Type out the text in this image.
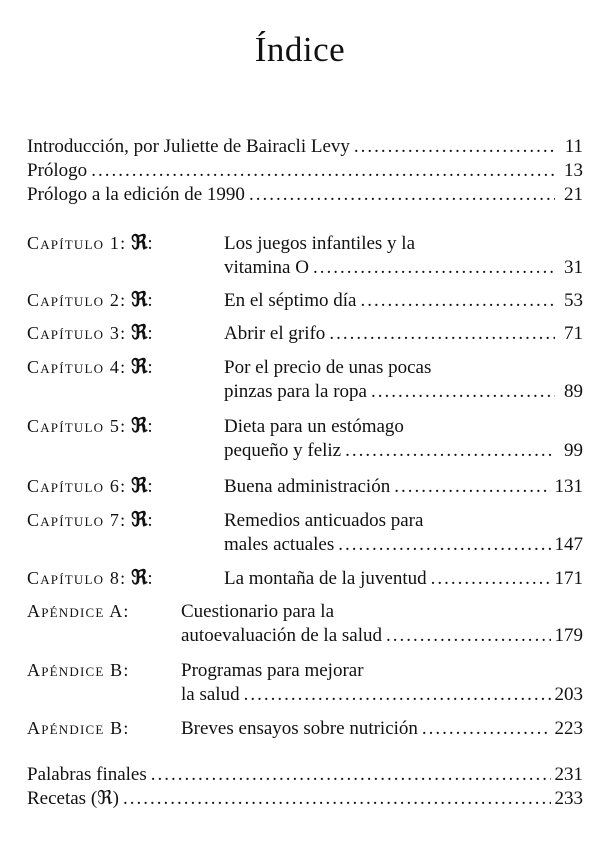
Índice
Introducción, por Juliette de Bairacli Levy .....	11
Prólogo .....	13
Prólogo a la edición de 1990 .....	21
Capítulo 1: ℜ:	Los juegos infantiles y la
vitamina O .....	31
Capítulo 2: ℜ:	En el séptimo día .....	53
Capítulo 3: ℜ:	Abrir el grifo .....	71
Capítulo 4: ℜ:	Por el precio de unas pocas
pinzas para la ropa .....	89
Capítulo 5: ℜ:	Dieta para un estómago
pequeño y feliz .....	99
Capítulo 6: ℜ:	Buena administración .....	131
Capítulo 7: ℜ:	Remedios anticuados para
males actuales .....	147
Capítulo 8: ℜ:	La montaña de la juventud .....	171
Apéndice A:	Cuestionario para la
autoevaluación de la salud .....	179
Apéndice B:	Programas para mejorar
la salud .....	203
Apéndice B:	Breves ensayos sobre nutrición .....	223
Palabras finales .....	231
Recetas (ℜ) .....	233
